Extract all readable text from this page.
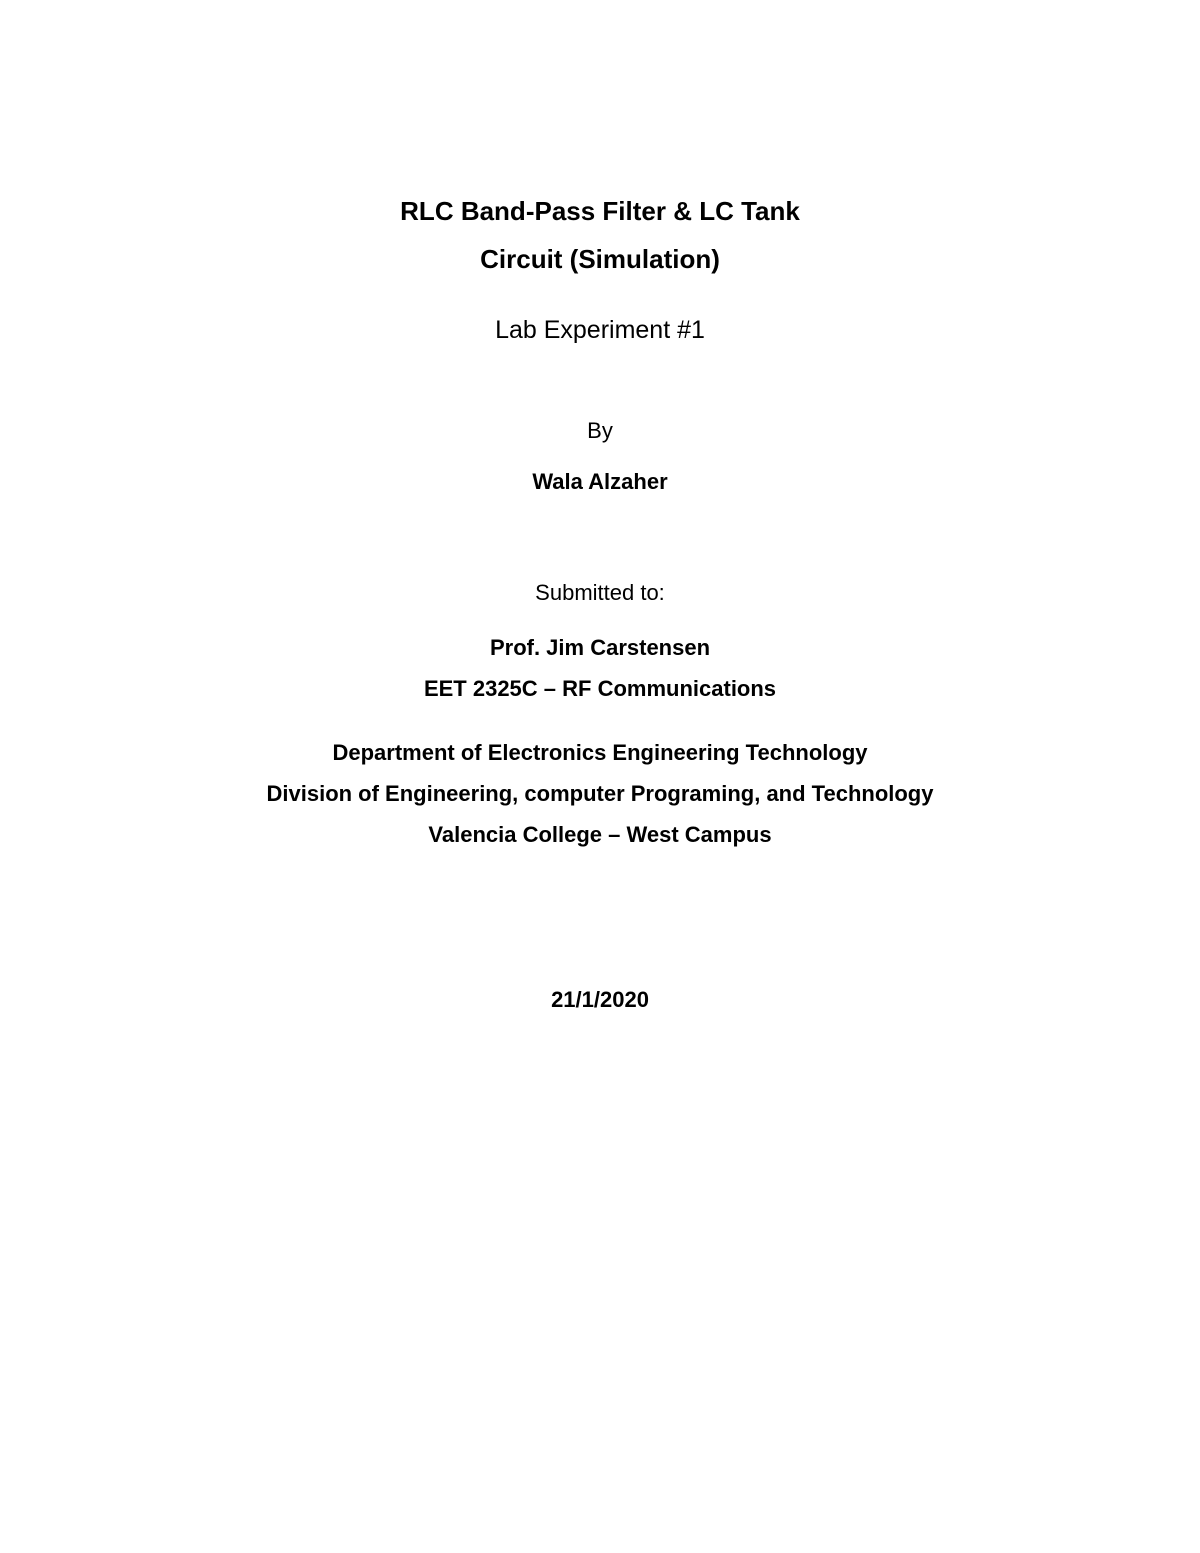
RLC Band-Pass Filter & LC Tank
Circuit (Simulation)
Lab Experiment #1
By
Wala Alzaher
Submitted to:
Prof. Jim Carstensen
EET 2325C – RF Communications
Department of Electronics Engineering Technology
Division of Engineering, computer Programing, and Technology
Valencia College – West Campus
21/1/2020
